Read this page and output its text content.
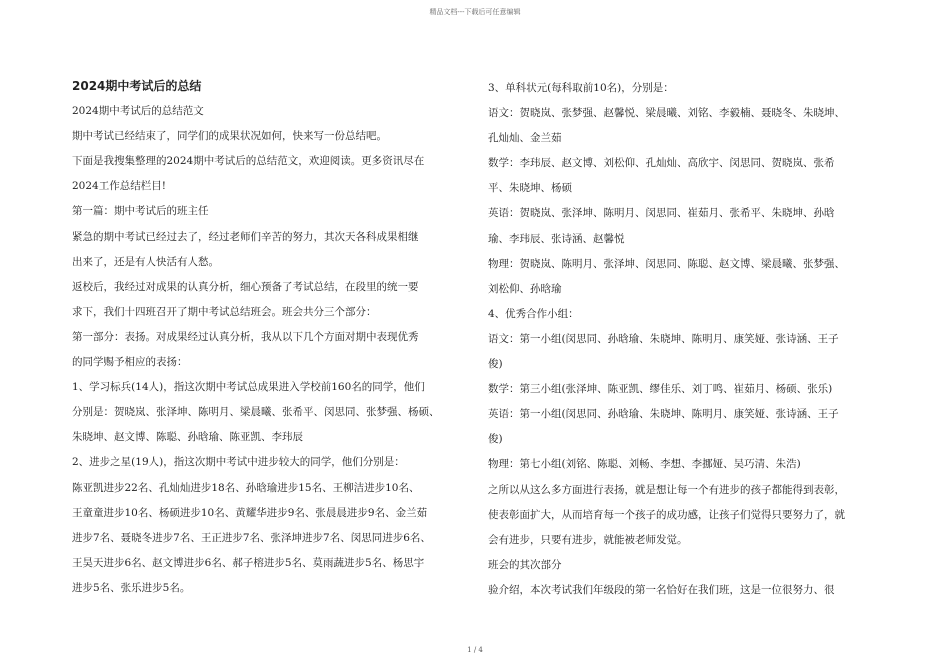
精品文档---下载后可任意编辑

2024期中考试后的总结

2024期中考试后的总结范文

期中考试已经结束了，同学们的成果状况如何，快来写一份总结吧。

下面是我搜集整理的2024期中考试后的总结范文，欢迎阅读。更多资讯尽在

2024工作总结栏目!

第一篇：期中考试后的班主任

紧急的期中考试已经过去了，经过老师们辛苦的努力，其次天各科成果相继

出来了，还是有人快活有人愁。

返校后，我经过对成果的认真分析，细心预备了考试总结，在段里的统一要

求下，我们十四班召开了期中考试总结班会。班会共分三个部分：

第一部分：表扬。对成果经过认真分析，我从以下几个方面对期中表现优秀

的同学赐予相应的表扬：

1、学习标兵(14人)，指这次期中考试总成果进入学校前160名的同学，他们

分别是：贺晓岚、张泽坤、陈明月、梁晨曦、张希平、闵思同、张梦强、杨硕、

朱晓坤、赵文博、陈聪、孙晗瑜、陈亚凯、李玮辰

2、进步之星(19人)，指这次期中考试中进步较大的同学，他们分别是：

陈亚凯进步22名、孔灿灿进步18名、孙晗瑜进步15名、王柳洁进步10名、

王童童进步10名、杨硕进步10名、黄耀华进步9名、张晨晨进步9名、金兰茹

进步7名、聂晓冬进步7名、王正进步7名、张泽坤进步7名、闵思同进步6名、

王昊天进步6名、赵文博进步6名、郝子榕进步5名、莫雨蔬进步5名、杨思宇

进步5名、张乐进步5名。

3、单科状元(每科取前10名)，分别是：

语文：贺晓岚、张梦强、赵馨悦、梁晨曦、刘铭、李毅楠、聂晓冬、朱晓坤、

孔灿灿、金兰茹

数学：李玮辰、赵文博、刘松仰、孔灿灿、高欣宇、闵思同、贺晓岚、张希

平、朱晓坤、杨硕

英语：贺晓岚、张泽坤、陈明月、闵思同、崔茹月、张希平、朱晓坤、孙晗

瑜、李玮辰、张诗涵、赵馨悦

物理：贺晓岚、陈明月、张泽坤、闵思同、陈聪、赵文博、梁晨曦、张梦强、

刘松仰、孙晗瑜

4、优秀合作小组：

语文：第一小组(闵思同、孙晗瑜、朱晓坤、陈明月、康笑娅、张诗涵、王子

俊)

数学：第三小组(张泽坤、陈亚凯、缪佳乐、刘丁鸣、崔茹月、杨硕、张乐)

英语：第一小组(闵思同、孙晗瑜、朱晓坤、陈明月、康笑娅、张诗涵、王子

俊)

物理：第七小组(刘铭、陈聪、刘畅、李想、李挪娅、吴巧清、朱浩)

之所以从这么多方面进行表扬，就是想让每一个有进步的孩子都能得到表彰，

使表彰面扩大，从而培育每一个孩子的成功感，让孩子们觉得只要努力了，就

会有进步，只要有进步，就能被老师发觉。

班会的其次部分

验介绍，本次考试我们年级段的第一名恰好在我们班，这是一位很努力、很

1 / 4
